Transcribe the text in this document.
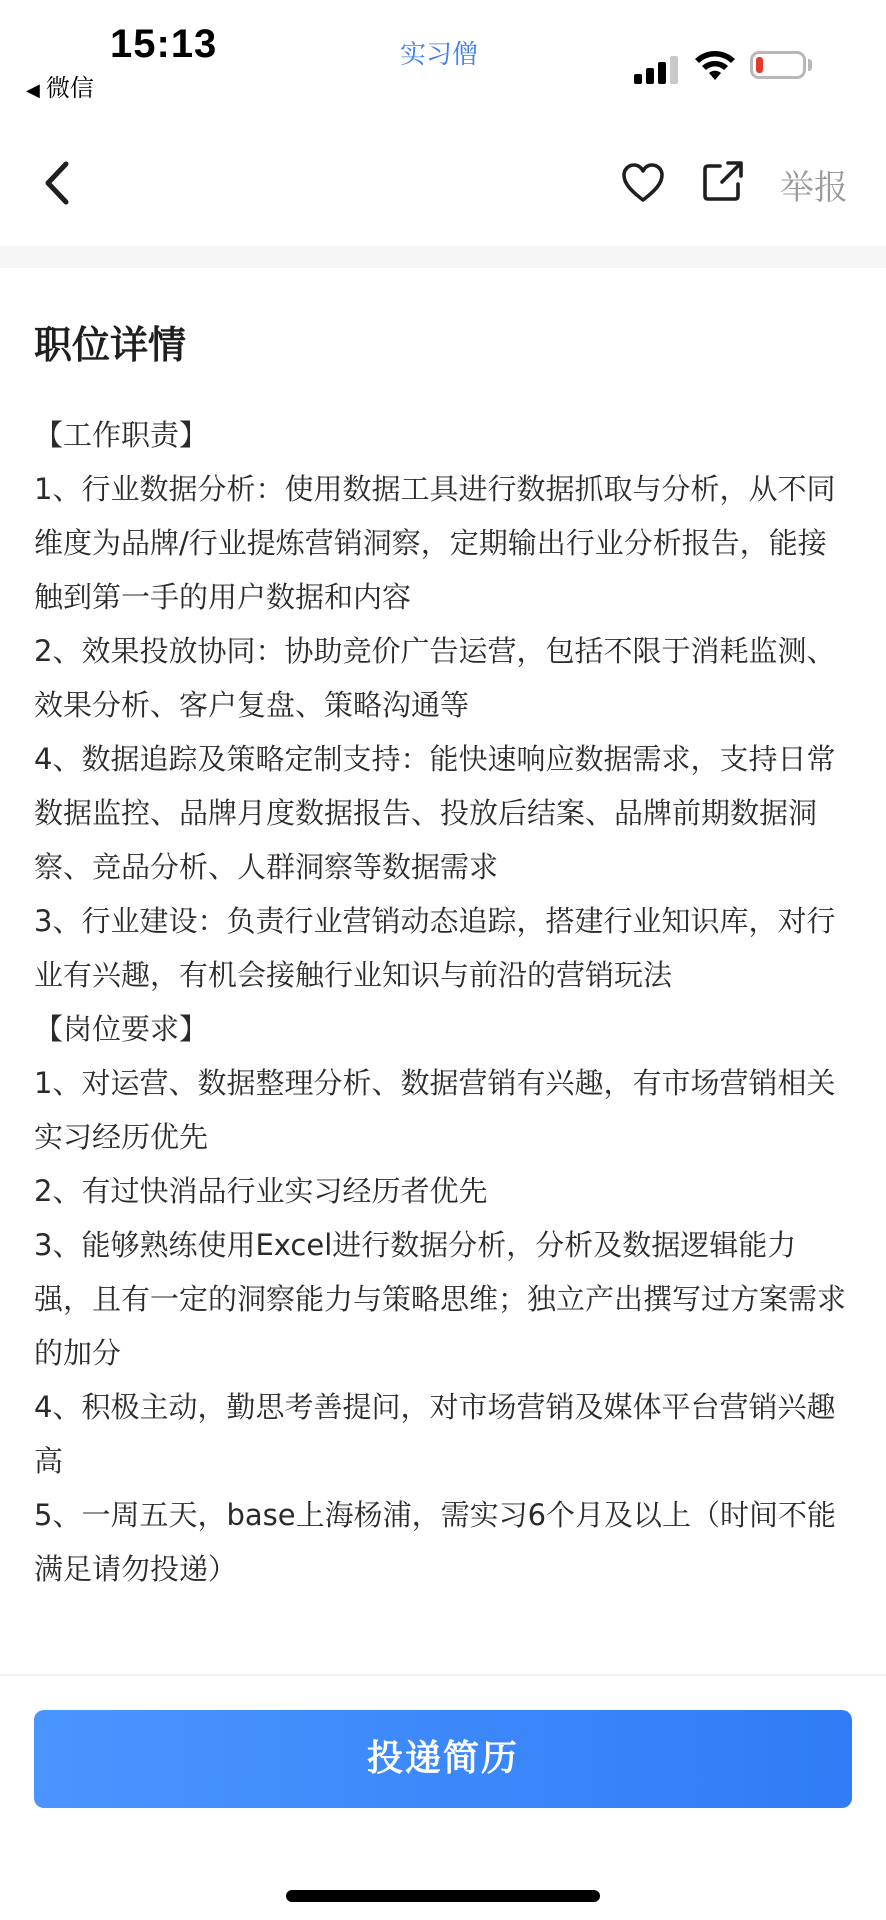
15:13
◀ 微信
实习僧
举报
职位详情

【工作职责】

1、行业数据分析：使用数据工具进行数据抓取与分析，从不同维度为品牌/行业提炼营销洞察，定期输出行业分析报告，能接触到第一手的用户数据和内容

2、效果投放协同：协助竞价广告运营，包括不限于消耗监测、效果分析、客户复盘、策略沟通等

4、数据追踪及策略定制支持：能快速响应数据需求，支持日常数据监控、品牌月度数据报告、投放后结案、品牌前期数据洞察、竞品分析、人群洞察等数据需求

3、行业建设：负责行业营销动态追踪，搭建行业知识库，对行业有兴趣，有机会接触行业知识与前沿的营销玩法

【岗位要求】

1、对运营、数据整理分析、数据营销有兴趣，有市场营销相关实习经历优先

2、有过快消品行业实习经历者优先

3、能够熟练使用Excel进行数据分析，分析及数据逻辑能力强，且有一定的洞察能力与策略思维；独立产出撰写过方案需求的加分

4、积极主动，勤思考善提问，对市场营销及媒体平台营销兴趣高

5、一周五天，base上海杨浦，需实习6个月及以上（时间不能满足请勿投递）

投递简历
